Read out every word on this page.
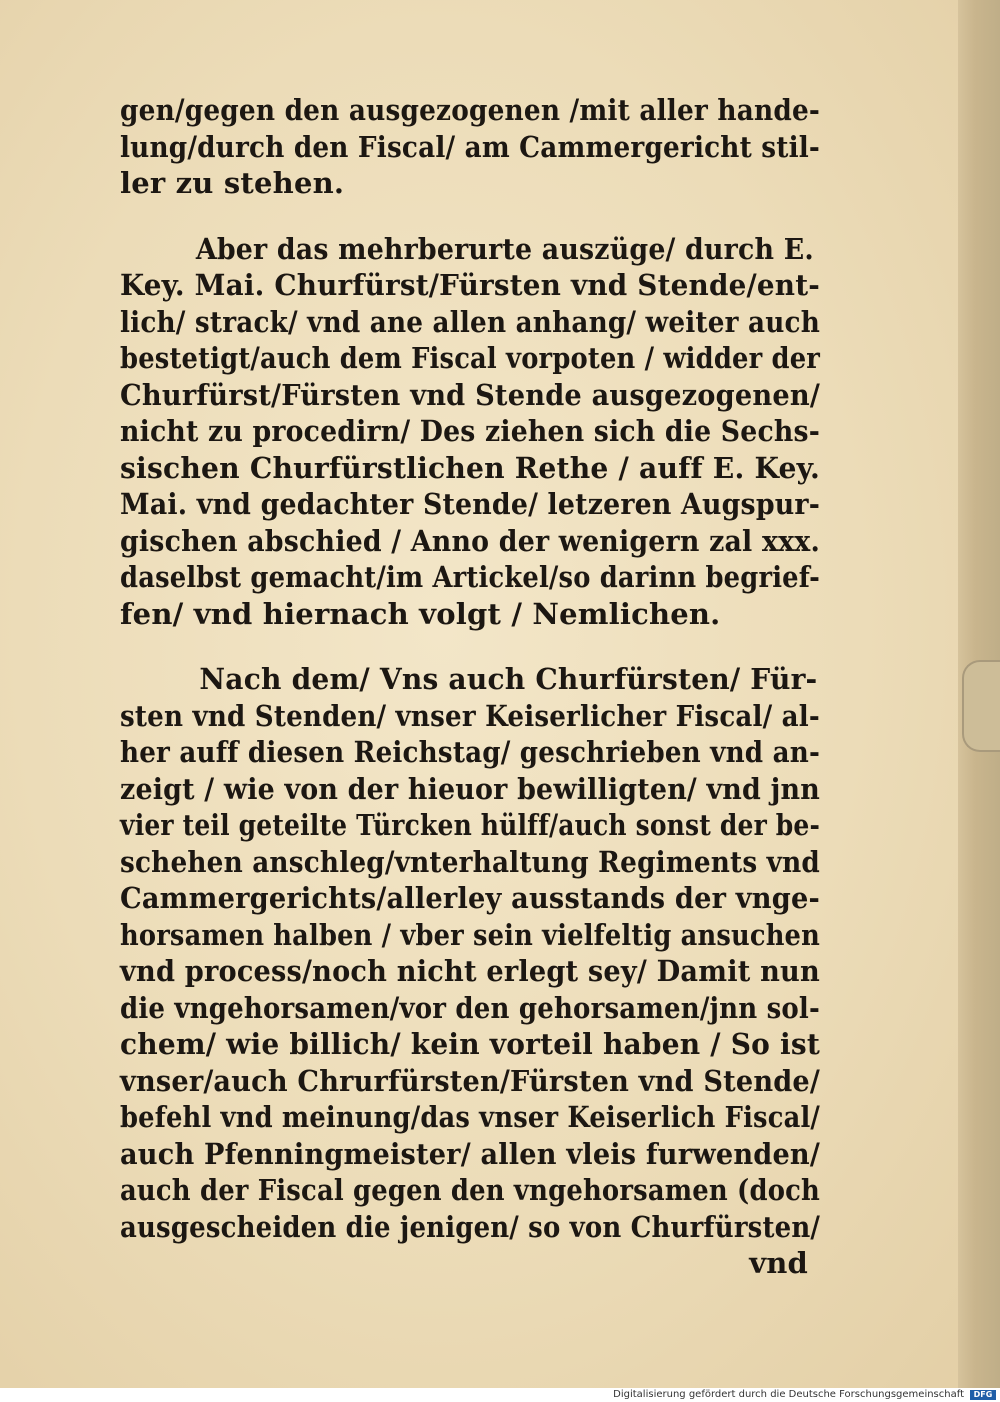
gen/gegen den ausgezogenen /mit aller hande-
lung/durch den Fiscal/ am Cammergericht stil-
ler zu stehen.

Aber das mehrberurte auszüge/ durch E.
Key. Mai. Churfürst/Fürsten vnd Stende/ent-
lich/ strack/ vnd ane allen anhang/ weiter auch
bestetigt/auch dem Fiscal vorpoten / widder der
Churfürst/Fürsten vnd Stende ausgezogenen/
nicht zu procedirn/ Des ziehen sich die Sechs-
sischen Churfürstlichen Rethe / auff E. Key.
Mai. vnd gedachter Stende/ letzeren Augspur-
gischen abschied / Anno der wenigern zal xxx.
daselbst gemacht/im Artickel/so darinn begrief-
fen/ vnd hiernach volgt / Nemlichen.

Nach dem/ Vns auch Churfürsten/ Für-
sten vnd Stenden/ vnser Keiserlicher Fiscal/ al-
her auff diesen Reichstag/ geschrieben vnd an-
zeigt / wie von der hieuor bewilligten/ vnd jnn
vier teil geteilte Türcken hülff/auch sonst der be-
schehen anschleg/vnterhaltung Regiments vnd
Cammergerichts/allerley ausstands der vnge-
horsamen halben / vber sein vielfeltig ansuchen
vnd process/noch nicht erlegt sey/ Damit nun
die vngehorsamen/vor den gehorsamen/jnn sol-
chem/ wie billich/ kein vorteil haben / So ist
vnser/auch Chrurfürsten/Fürsten vnd Stende/
befehl vnd meinung/das vnser Keiserlich Fiscal/
auch Pfenningmeister/ allen vleis furwenden/
auch der Fiscal gegen den vngehorsamen (doch
ausgescheiden die jenigen/ so von Churfürsten/
vnd

Digitalisierung gefördert durch die Deutsche Forschungsgemeinschaft	DFG
